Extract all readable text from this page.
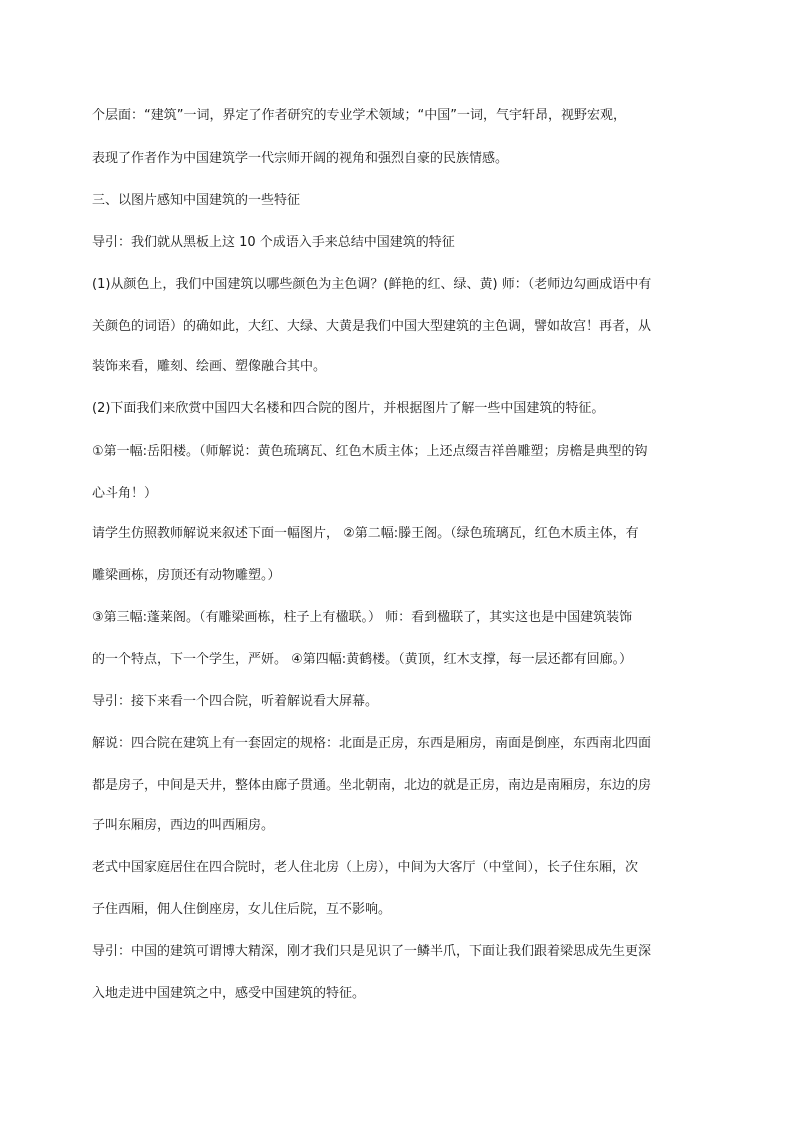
个层面：“建筑”一词，界定了作者研究的专业学术领域；“中国”一词，气宇轩昂，视野宏观，
表现了作者作为中国建筑学一代宗师开阔的视角和强烈自豪的民族情感。
三、以图片感知中国建筑的一些特征
导引：我们就从黑板上这 10 个成语入手来总结中国建筑的特征
(1)从颜色上，我们中国建筑以哪些颜色为主色调？(鲜艳的红、绿、黄) 师：（老师边勾画成语中有
关颜色的词语）的确如此，大红、大绿、大黄是我们中国大型建筑的主色调，譬如故宫！再者，从
装饰来看，雕刻、绘画、塑像融合其中。
(2)下面我们来欣赏中国四大名楼和四合院的图片，并根据图片了解一些中国建筑的特征。
①第一幅:岳阳楼。（师解说：黄色琉璃瓦、红色木质主体；上还点缀吉祥兽雕塑；房檐是典型的钩
心斗角！）
请学生仿照教师解说来叙述下面一幅图片， ②第二幅:滕王阁。（绿色琉璃瓦，红色木质主体，有
雕梁画栋，房顶还有动物雕塑。）
③第三幅:蓬莱阁。（有雕梁画栋，柱子上有楹联。） 师：看到楹联了，其实这也是中国建筑装饰
的一个特点，下一个学生，严妍。 ④第四幅:黄鹤楼。（黄顶，红木支撑，每一层还都有回廊。）
导引：接下来看一个四合院，听着解说看大屏幕。
解说：四合院在建筑上有一套固定的规格：北面是正房，东西是厢房，南面是倒座，东西南北四面
都是房子，中间是天井，整体由廊子贯通。坐北朝南，北边的就是正房，南边是南厢房，东边的房
子叫东厢房，西边的叫西厢房。
老式中国家庭居住在四合院时，老人住北房（上房），中间为大客厅（中堂间），长子住东厢，次
子住西厢，佣人住倒座房，女儿住后院，互不影响。
导引：中国的建筑可谓博大精深，刚才我们只是见识了一鳞半爪，下面让我们跟着梁思成先生更深
入地走进中国建筑之中，感受中国建筑的特征。
